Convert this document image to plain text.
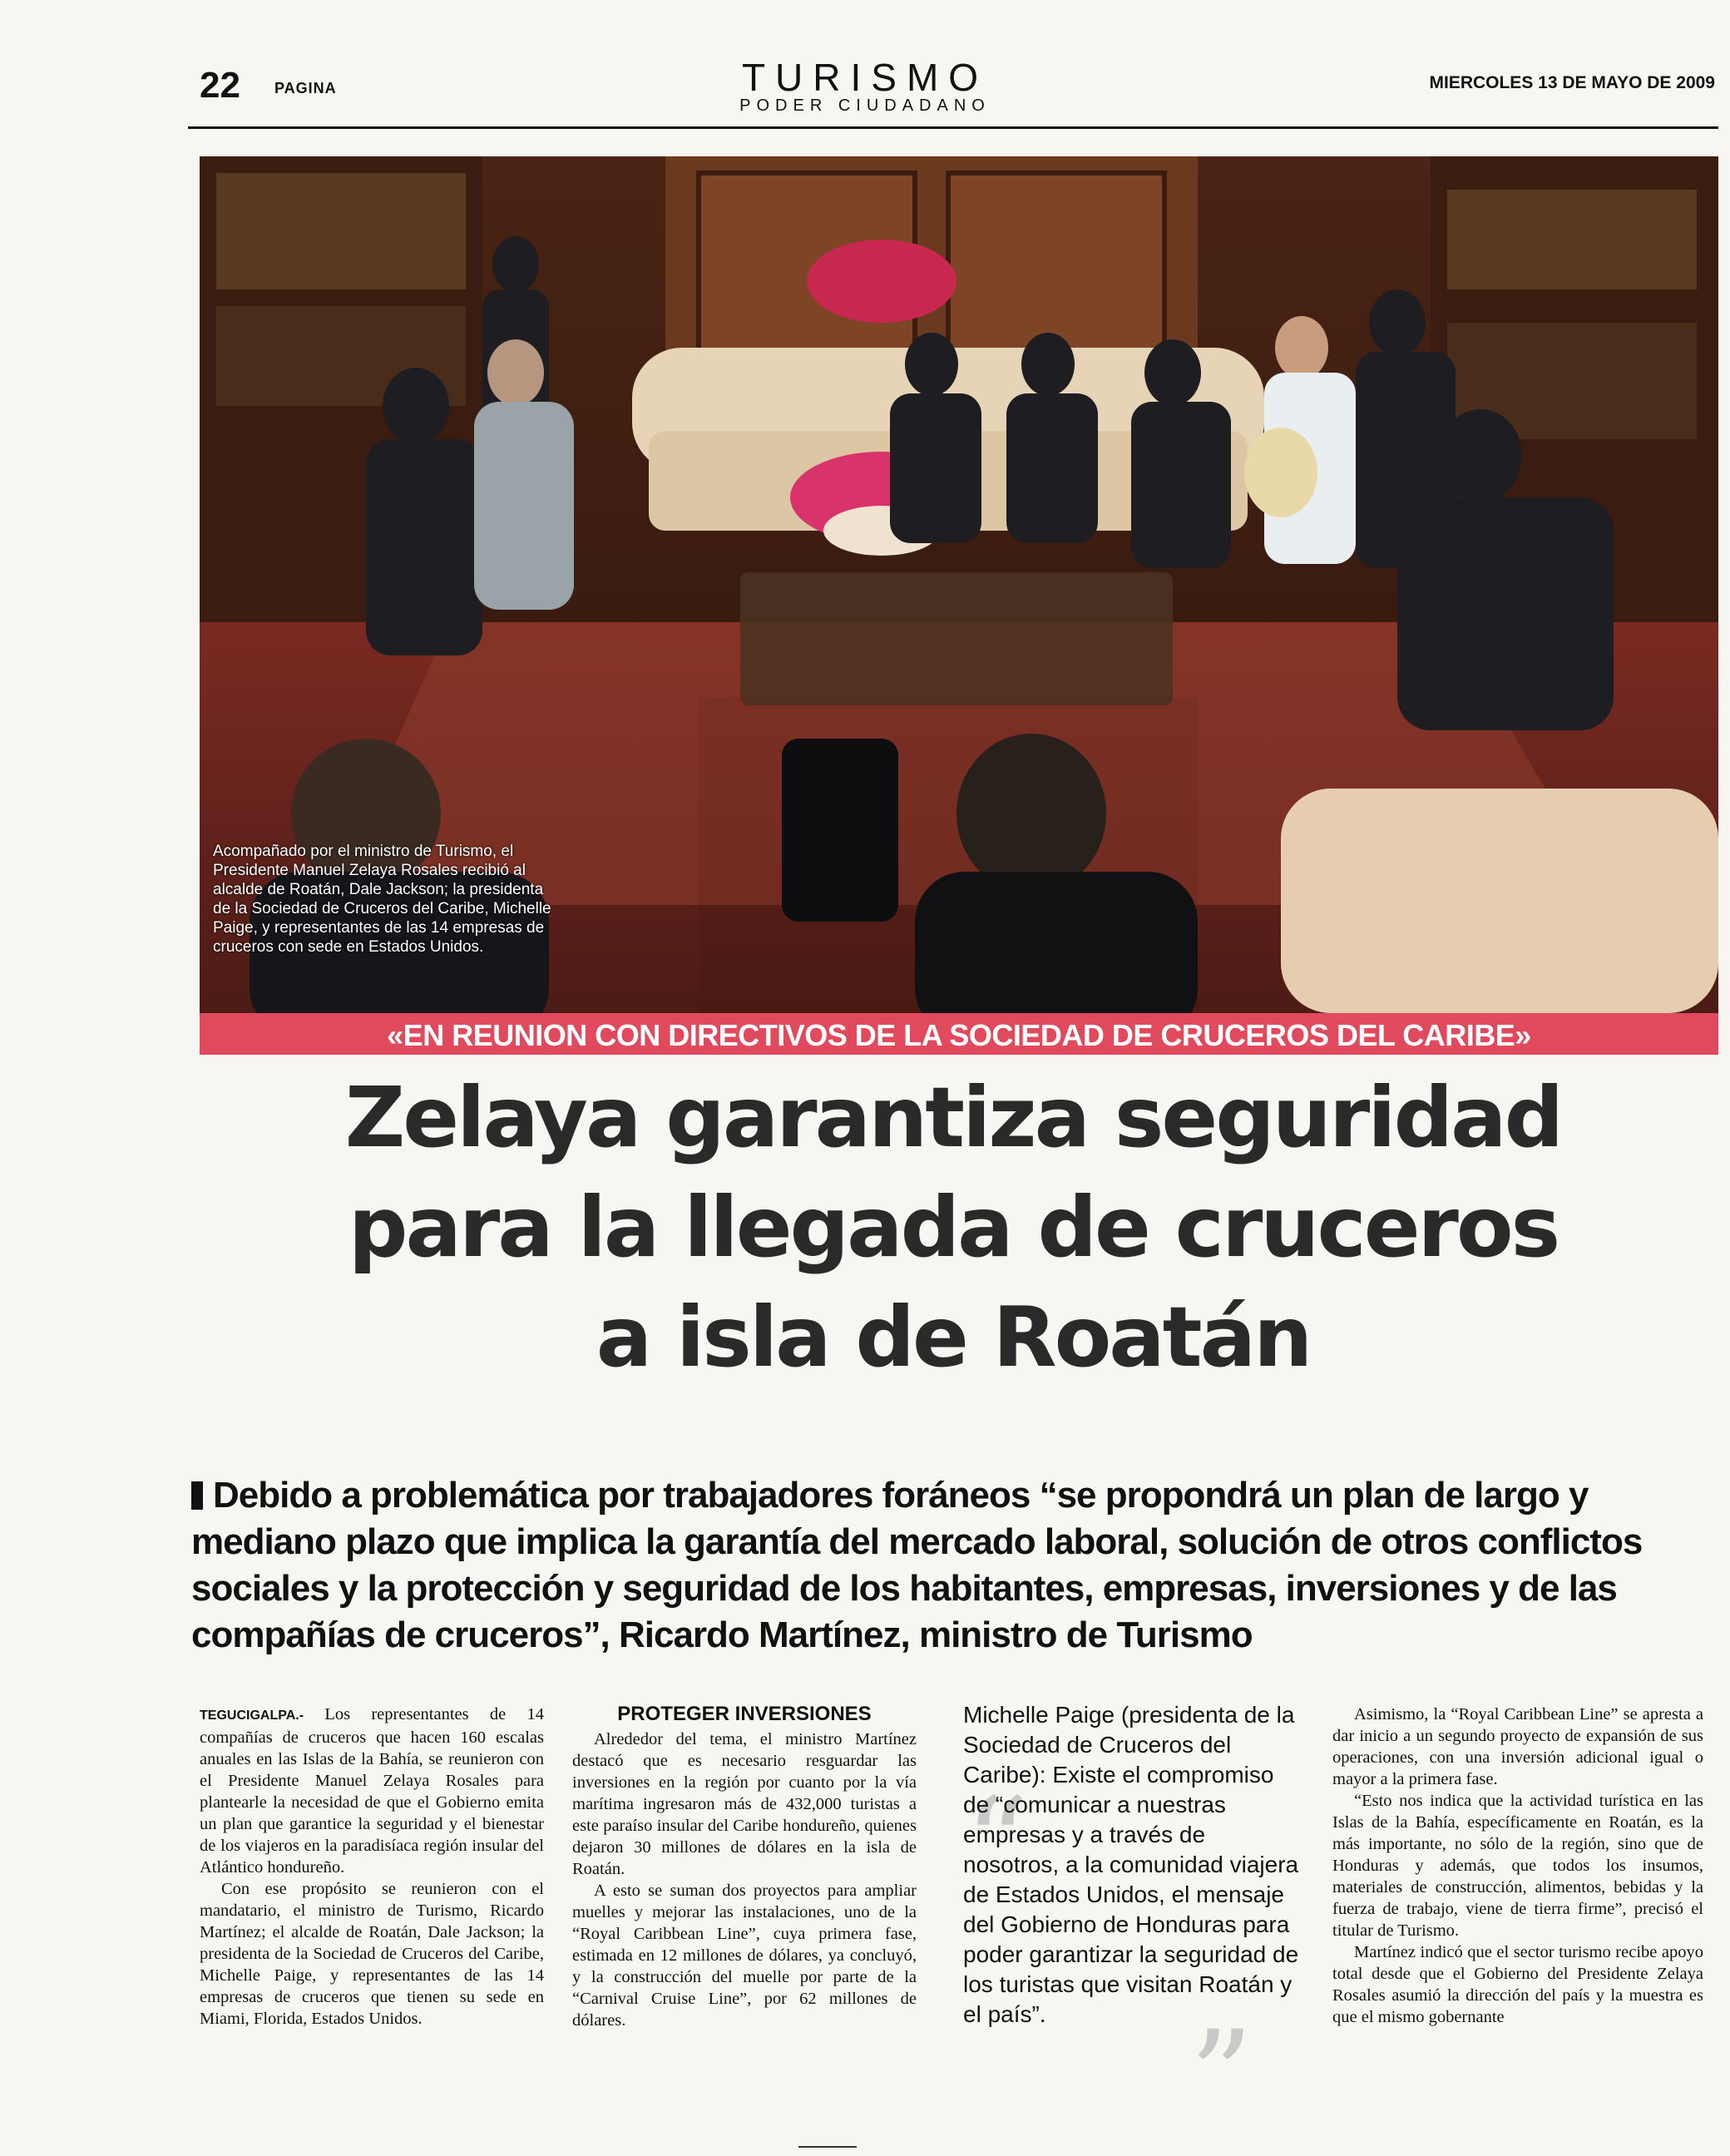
22 PAGINA	TURISMO
PODER CIUDADANO
MIERCOLES 13 DE MAYO DE 2009
Acompañado por el ministro de Turismo, el Presidente Manuel Zelaya Rosales recibió al alcalde de Roatán, Dale Jackson; la presidenta de la Sociedad de Cruceros del Caribe, Michelle Paige, y representantes de las 14 empresas de cruceros con sede en Estados Unidos.
«EN REUNION CON DIRECTIVOS DE LA SOCIEDAD DE CRUCEROS DEL CARIBE»
Zelaya garantiza seguridad
para la llegada de cruceros
a isla de Roatán
Debido a problemática por trabajadores foráneos “se propondrá un plan de largo y mediano plazo que implica la garantía del mercado laboral, solución de otros conflictos sociales y la protección y seguridad de los habitantes, empresas, inversiones y de las compañías de cruceros”, Ricardo Martínez, ministro de Turismo

TEGUCIGALPA.- Los representantes de 14 compañías de cruceros que hacen 160 escalas anuales en las Islas de la Bahía, se reunieron con el Presidente Manuel Zelaya Rosales para plantearle la necesidad de que el Gobierno emita un plan que garantice la seguridad y el bienestar de los viajeros en la paradisíaca región insular del Atlántico hondureño.

Con ese propósito se reunieron con el mandatario, el ministro de Turismo, Ricardo Martínez; el alcalde de Roatán, Dale Jackson; la presidenta de la Sociedad de Cruceros del Caribe, Michelle Paige, y representantes de las 14 empresas de cruceros que tienen su sede en Miami, Florida, Estados Unidos.

PROTEGER INVERSIONES

Alrededor del tema, el ministro Martínez destacó que es necesario resguardar las inversiones en la región por cuanto por la vía marítima ingresaron más de 432,000 turistas a este paraíso insular del Caribe hondureño, quienes dejaron 30 millones de dólares en la isla de Roatán.

A esto se suman dos proyectos para ampliar muelles y mejorar las instalaciones, uno de la “Royal Caribbean Line”, cuya primera fase, estimada en 12 millones de dólares, ya concluyó, y la construcción del muelle por parte de la “Carnival Cruise Line”, por 62 millones de dólares.

“
Michelle Paige (presidenta de la Sociedad de Cruceros del Caribe): Existe el compromiso de “comunicar a nuestras empresas y a través de nosotros, a la comunidad viajera de Estados Unidos, el mensaje del Gobierno de Honduras para poder garantizar la seguridad de los turistas que visitan Roatán y el país”.	”

Asimismo, la “Royal Caribbean Line” se apresta a dar inicio a un segundo proyecto de expansión de sus operaciones, con una inversión adicional igual o mayor a la primera fase.

“Esto nos indica que la actividad turística en las Islas de la Bahía, específicamente en Roatán, es la más importante, no sólo de la región, sino que de Honduras y además, que todos los insumos, materiales de construcción, alimentos, bebidas y la fuerza de trabajo, viene de tierra firme”, precisó el titular de Turismo.

Martínez indicó que el sector turismo recibe apoyo total desde que el Gobierno del Presidente Zelaya Rosales asumió la dirección del país y la muestra es que el mismo gobernante
